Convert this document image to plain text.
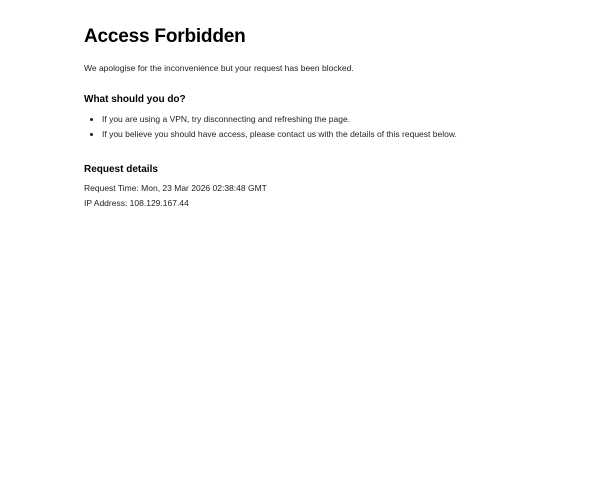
Access Forbidden

We apologise for the inconvenience but your request has been blocked.

What should you do?
• If you are using a VPN, try disconnecting and refreshing the page.
• If you believe you should have access, please contact us with the details of this request below.
Request details
Request Time: Mon, 23 Mar 2026 02:38:48 GMT
IP Address: 108.129.167.44
